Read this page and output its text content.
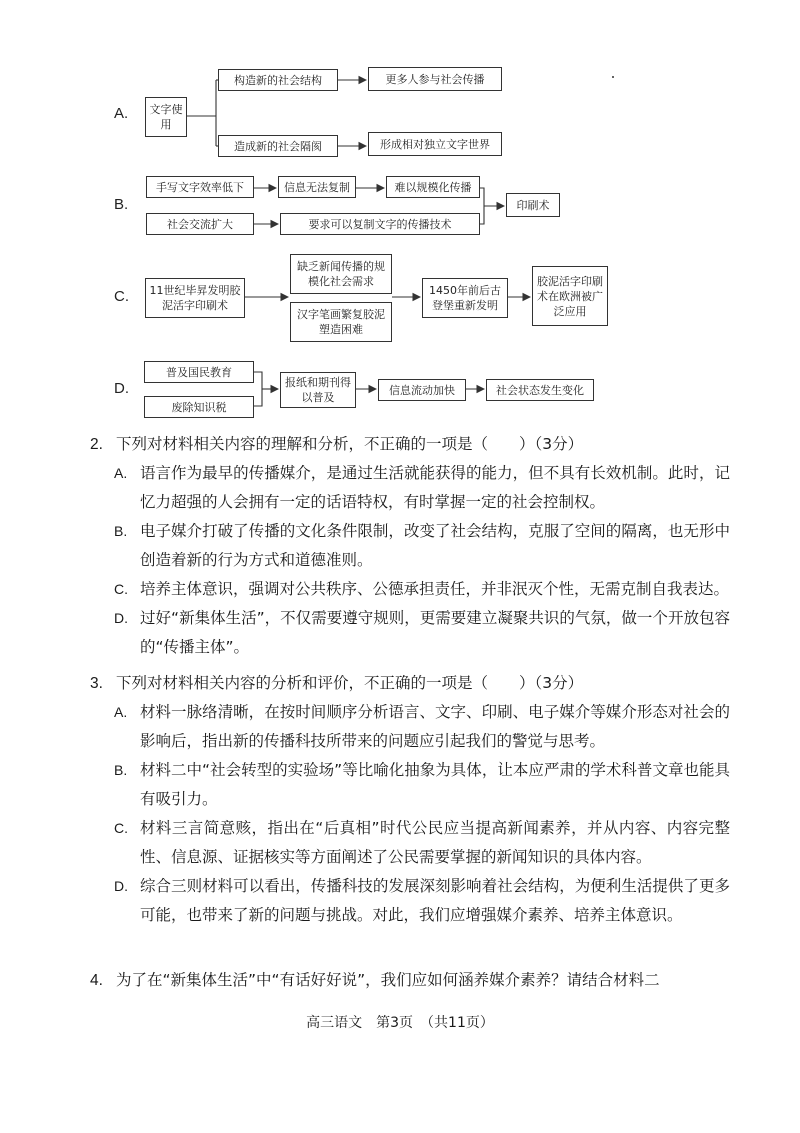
A.	文字使用
构造新的社会结构	更多人参与社会传播
造成新的社会隔阂	形成相对独立文字世界
B.
手写文字效率低下	信息无法复制	难以规模化传播
社会交流扩大	要求可以复制文字的传播技术
印刷术
C.	11世纪毕昇发明胶泥活字印刷术
缺乏新闻传播的规模化社会需求
汉字笔画繁复胶泥塑造困难
1450年前后古登堡重新发明
胶泥活字印刷术在欧洲被广泛应用
D.
普及国民教育
废除知识税
报纸和期刊得以普及
信息流动加快	社会状态发生变化
2. 下列对材料相关内容的理解和分析，不正确的一项是（　　）（3分）
A. 语言作为最早的传播媒介，是通过生活就能获得的能力，但不具有长效机制。此时，记忆力超强的人会拥有一定的话语特权，有时掌握一定的社会控制权。
B. 电子媒介打破了传播的文化条件限制，改变了社会结构，克服了空间的隔离，也无形中创造着新的行为方式和道德准则。
C. 培养主体意识，强调对公共秩序、公德承担责任，并非泯灭个性，无需克制自我表达。
D. 过好“新集体生活”，不仅需要遵守规则，更需要建立凝聚共识的气氛，做一个开放包容的“传播主体”。
3. 下列对材料相关内容的分析和评价，不正确的一项是（　　）（3分）
A. 材料一脉络清晰，在按时间顺序分析语言、文字、印刷、电子媒介等媒介形态对社会的影响后，指出新的传播科技所带来的问题应引起我们的警觉与思考。
B. 材料二中“社会转型的实验场”等比喻化抽象为具体，让本应严肃的学术科普文章也能具有吸引力。
C. 材料三言简意赅，指出在“后真相”时代公民应当提高新闻素养，并从内容、内容完整性、信息源、证据核实等方面阐述了公民需要掌握的新闻知识的具体内容。
D. 综合三则材料可以看出，传播科技的发展深刻影响着社会结构，为便利生活提供了更多可能，也带来了新的问题与挑战。对此，我们应增强媒介素养、培养主体意识。
4. 为了在“新集体生活”中“有话好好说”，我们应如何涵养媒介素养？请结合材料二
高三语文　第3页　（共11页）
